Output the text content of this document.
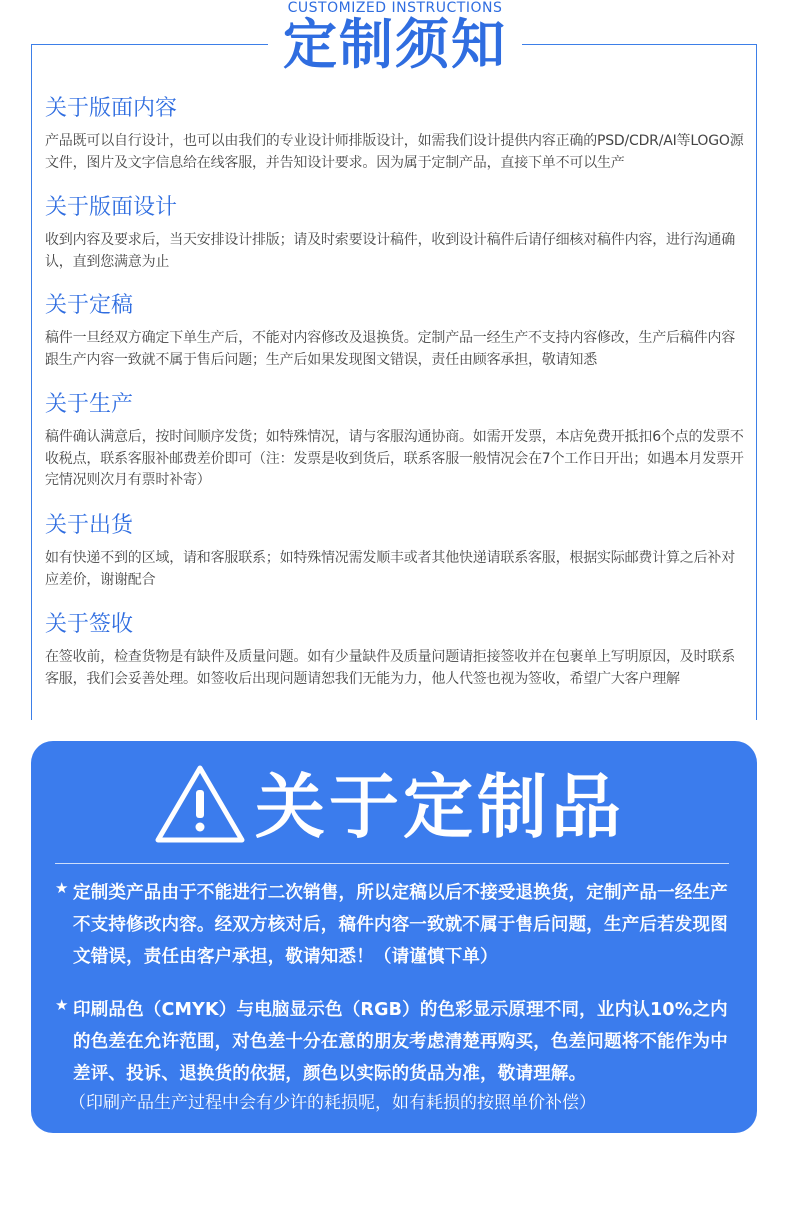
CUSTOMIZED INSTRUCTIONS
定制须知
关于版面内容
产品既可以自行设计，也可以由我们的专业设计师排版设计，如需我们设计提供内容正确的PSD/CDR/AI等LOGO源文件，图片及文字信息给在线客服，并告知设计要求。因为属于定制产品，直接下单不可以生产
关于版面设计
收到内容及要求后，当天安排设计排版；请及时索要设计稿件，收到设计稿件后请仔细核对稿件内容，进行沟通确认，直到您满意为止
关于定稿
稿件一旦经双方确定下单生产后，不能对内容修改及退换货。定制产品一经生产不支持内容修改，生产后稿件内容跟生产内容一致就不属于售后问题；生产后如果发现图文错误，责任由顾客承担，敬请知悉
关于生产
稿件确认满意后，按时间顺序发货；如特殊情况，请与客服沟通协商。如需开发票，本店免费开抵扣6个点的发票不收税点，联系客服补邮费差价即可（注：发票是收到货后，联系客服一般情况会在7个工作日开出；如遇本月发票开完情况则次月有票时补寄）
关于出货
如有快递不到的区域，请和客服联系；如特殊情况需发顺丰或者其他快递请联系客服，根据实际邮费计算之后补对应差价，谢谢配合
关于签收
在签收前，检查货物是有缺件及质量问题。如有少量缺件及质量问题请拒接签收并在包裹单上写明原因，及时联系客服，我们会妥善处理。如签收后出现问题请恕我们无能为力，他人代签也视为签收，希望广大客户理解
关于定制品
★ 定制类产品由于不能进行二次销售，所以定稿以后不接受退换货，定制产品一经生产不支持修改内容。经双方核对后，稿件内容一致就不属于售后问题，生产后若发现图文错误，责任由客户承担，敬请知悉！（请谨慎下单）
★ 印刷品色（CMYK）与电脑显示色（RGB）的色彩显示原理不同，业内认10%之内的色差在允许范围，对色差十分在意的朋友考虑清楚再购买，色差问题将不能作为中差评、投诉、退换货的依据，颜色以实际的货品为准，敬请理解。
（印刷产品生产过程中会有少许的耗损呢，如有耗损的按照单价补偿）
